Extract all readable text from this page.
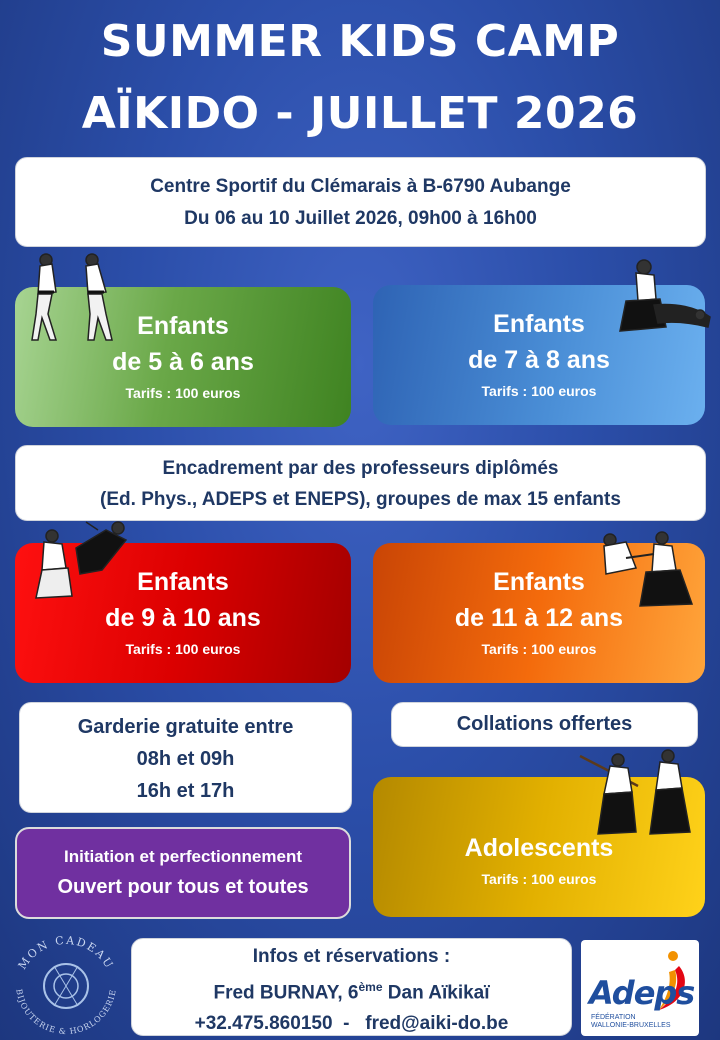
SUMMER KIDS CAMP
AÏKIDO - JUILLET 2026
Centre Sportif du Clémarais à B-6790 Aubange
Du 06 au 10 Juillet 2026, 09h00 à 16h00
Enfants
de 5 à 6 ans
Tarifs : 100 euros
Enfants
de 7 à 8 ans
Tarifs : 100 euros
Encadrement par des professeurs diplômés
(Ed. Phys., ADEPS et ENEPS), groupes de max 15 enfants
Enfants
de 9 à 10 ans
Tarifs : 100 euros
Enfants
de 11 à 12 ans
Tarifs : 100 euros
Garderie gratuite entre
08h et 09h
16h et 17h
Collations offertes
Adolescents
Tarifs : 100 euros
Initiation et perfectionnement
Ouvert pour tous et toutes
MON CADEAU
BIJOUTERIE & HORLOGERIE
Infos et réservations :
Fred BURNAY, 6ème Dan Aïkikaï
+32.475.860150 - fred@aiki-do.be
Adeps
FÉDÉRATION
WALLONIE-BRUXELLES
